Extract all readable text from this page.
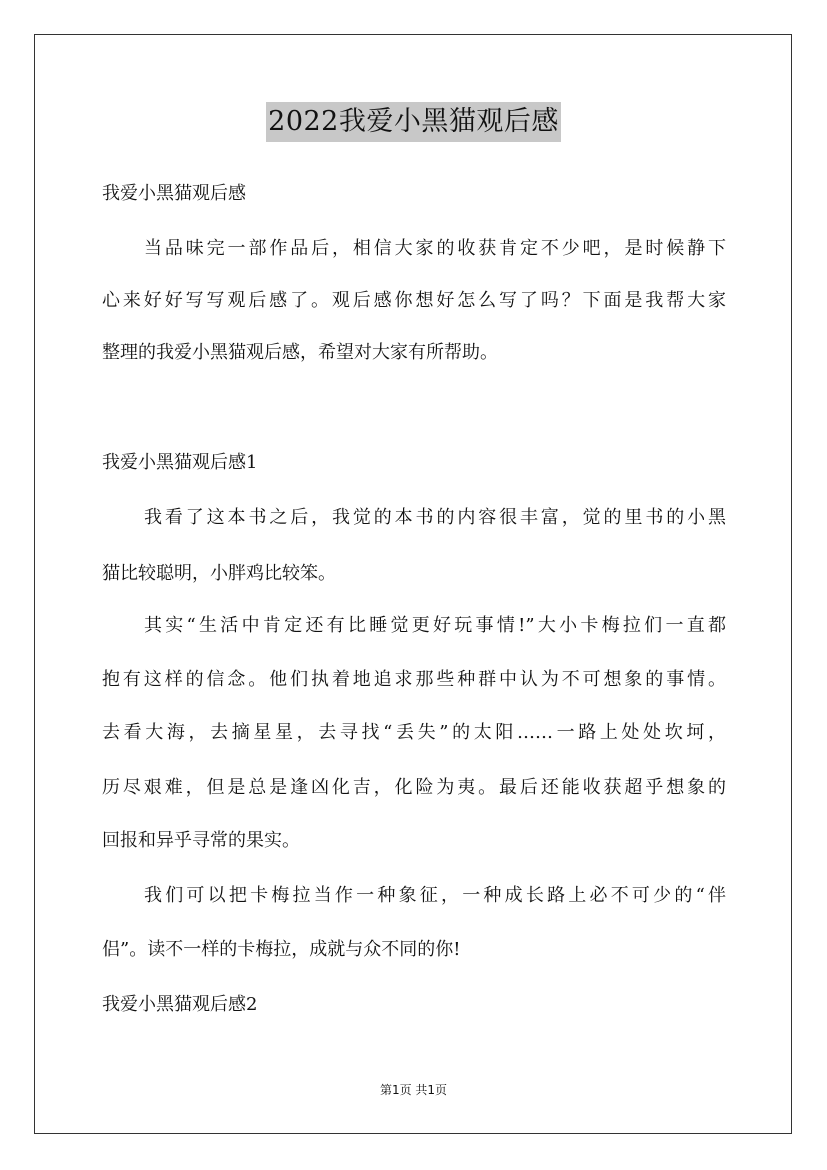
2022我爱小黑猫观后感
我爱小黑猫观后感
当品味完一部作品后，相信大家的收获肯定不少吧，是时候静下
心来好好写写观后感了。观后感你想好怎么写了吗？下面是我帮大家
整理的我爱小黑猫观后感，希望对大家有所帮助。
我爱小黑猫观后感1
我看了这本书之后，我觉的本书的内容很丰富，觉的里书的小黑
猫比较聪明，小胖鸡比较笨。
其实“生活中肯定还有比睡觉更好玩事情!”大小卡梅拉们一直都
抱有这样的信念。他们执着地追求那些种群中认为不可想象的事情。
去看大海，去摘星星，去寻找“丢失”的太阳……一路上处处坎坷，
历尽艰难，但是总是逢凶化吉，化险为夷。最后还能收获超乎想象的
回报和异乎寻常的果实。
我们可以把卡梅拉当作一种象征，一种成长路上必不可少的“伴
侣”。读不一样的卡梅拉，成就与众不同的你!
我爱小黑猫观后感2
第1页 共1页
